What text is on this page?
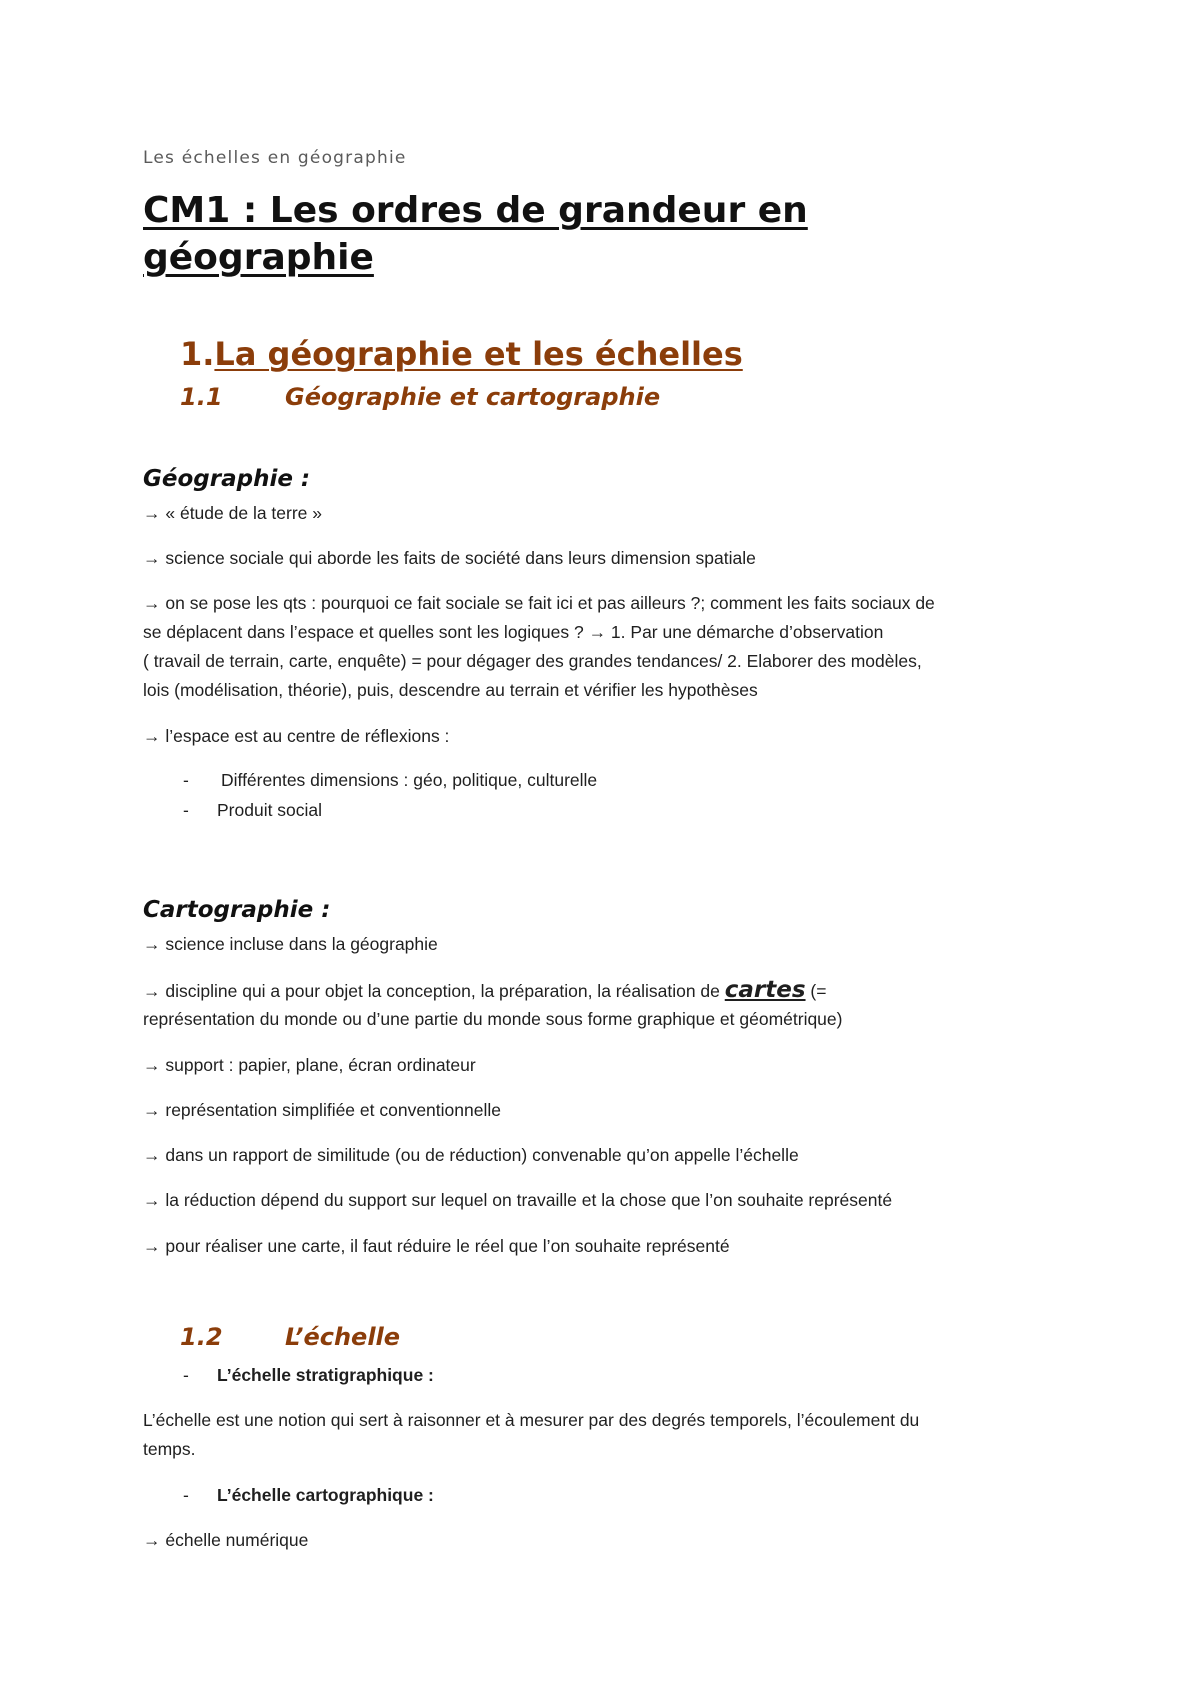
Les échelles en géographie
CM1 : Les ordres de grandeur en
géographie
1.La géographie et les échelles
1.1	Géographie et cartographie
Géographie :
→ « étude de la terre »
→ science sociale qui aborde les faits de société dans leurs dimension spatiale
→ on se pose les qts : pourquoi ce fait sociale se fait ici et pas ailleurs ?; comment les faits sociaux de
se déplacent dans l’espace et quelles sont les logiques ? → 1. Par une démarche d’observation
( travail de terrain, carte, enquête) = pour dégager des grandes tendances/ 2. Elaborer des modèles,
lois (modélisation, théorie), puis, descendre au terrain et vérifier les hypothèses
→ l’espace est au centre de réflexions :
- Différentes dimensions : géo, politique, culturelle
- Produit social
Cartographie :
→ science incluse dans la géographie
→ discipline qui a pour objet la conception, la préparation, la réalisation de cartes (=
représentation du monde ou d’une partie du monde sous forme graphique et géométrique)
→ support : papier, plane, écran ordinateur
→ représentation simplifiée et conventionnelle
→ dans un rapport de similitude (ou de réduction) convenable qu’on appelle l’échelle
→ la réduction dépend du support sur lequel on travaille et la chose que l’on souhaite représenté
→ pour réaliser une carte, il faut réduire le réel que l’on souhaite représenté
1.2	L’échelle
- L’échelle stratigraphique :
L’échelle est une notion qui sert à raisonner et à mesurer par des degrés temporels, l’écoulement du
temps.
- L’échelle cartographique :
→ échelle numérique
